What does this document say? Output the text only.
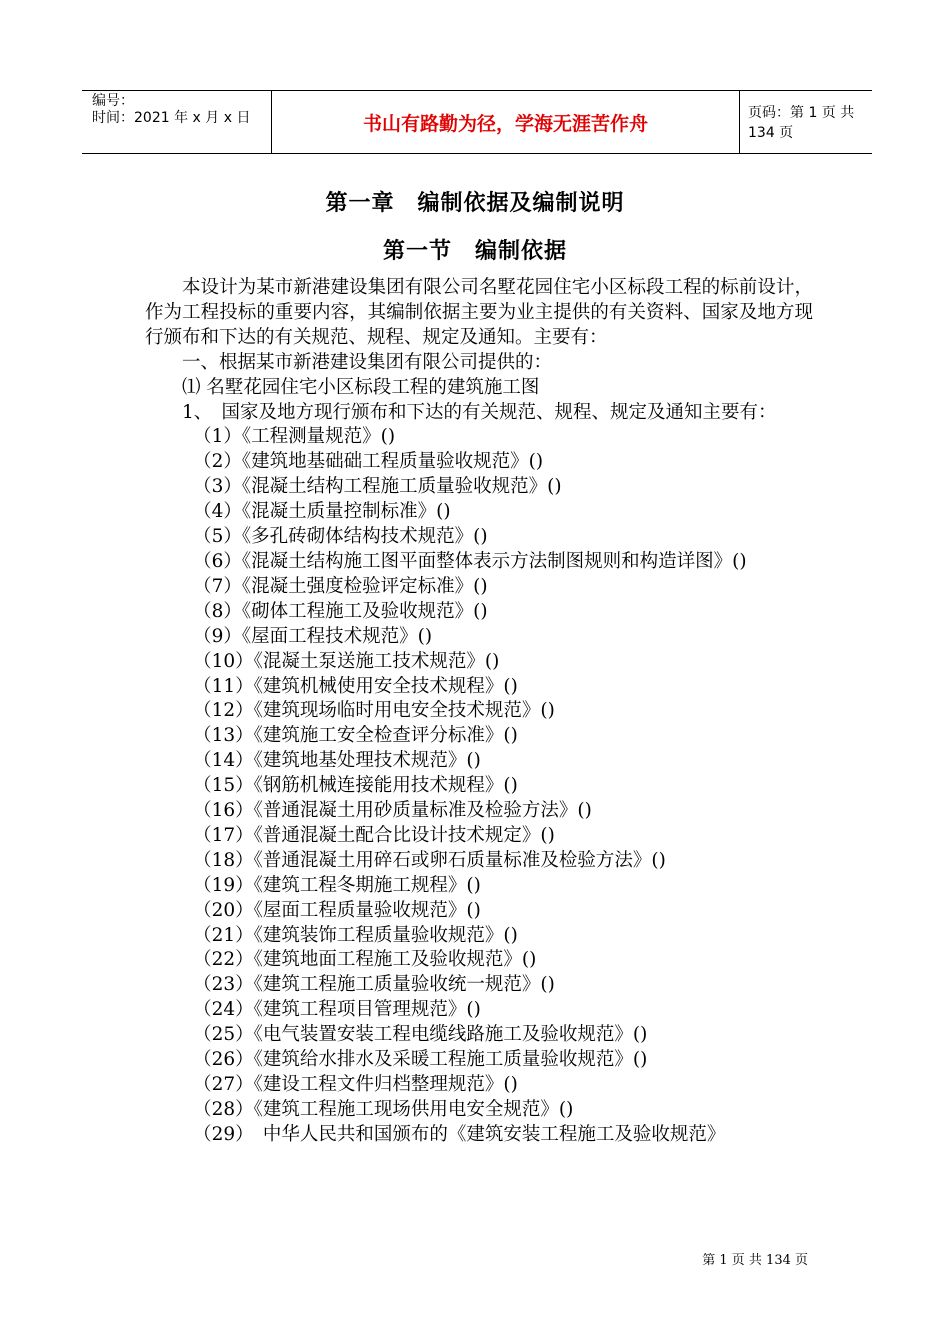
编号：
时间：2021 年 x 月 x 日	书山有路勤为径，学海无涯苦作舟	页码：第 1 页 共 134 页
第一章　编制依据及编制说明
第一节　编制依据

本设计为某市新港建设集团有限公司名墅花园住宅小区标段工程的标前设计，作为工程投标的重要内容，其编制依据主要为业主提供的有关资料、国家及地方现行颁布和下达的有关规范、规程、规定及通知。主要有：

一、根据某市新港建设集团有限公司提供的：

⑴ 名墅花园住宅小区标段工程的建筑施工图

1、　国家及地方现行颁布和下达的有关规范、规程、规定及通知主要有：

（1）《工程测量规范》()

（2）《建筑地基础础工程质量验收规范》()

（3）《混凝土结构工程施工质量验收规范》()

（4）《混凝土质量控制标准》()

（5）《多孔砖砌体结构技术规范》()

（6）《混凝土结构施工图平面整体表示方法制图规则和构造详图》()

（7）《混凝土强度检验评定标准》()

（8）《砌体工程施工及验收规范》()

（9）《屋面工程技术规范》()

（10）《混凝土泵送施工技术规范》()

（11）《建筑机械使用安全技术规程》()

（12）《建筑现场临时用电安全技术规范》()

（13）《建筑施工安全检查评分标准》()

（14）《建筑地基处理技术规范》()

（15）《钢筋机械连接能用技术规程》()

（16）《普通混凝土用砂质量标准及检验方法》()

（17）《普通混凝土配合比设计技术规定》()

（18）《普通混凝土用碎石或卵石质量标准及检验方法》()

（19）《建筑工程冬期施工规程》()

（20）《屋面工程质量验收规范》()

（21）《建筑装饰工程质量验收规范》()

（22）《建筑地面工程施工及验收规范》()

（23）《建筑工程施工质量验收统一规范》()

（24）《建筑工程项目管理规范》()

（25）《电气装置安装工程电缆线路施工及验收规范》()

（26）《建筑给水排水及采暖工程施工质量验收规范》()

（27）《建设工程文件归档整理规范》()

（28）《建筑工程施工现场供用电安全规范》()

（29）　中华人民共和国颁布的《建筑安装工程施工及验收规范》

第 1 页 共 134 页
